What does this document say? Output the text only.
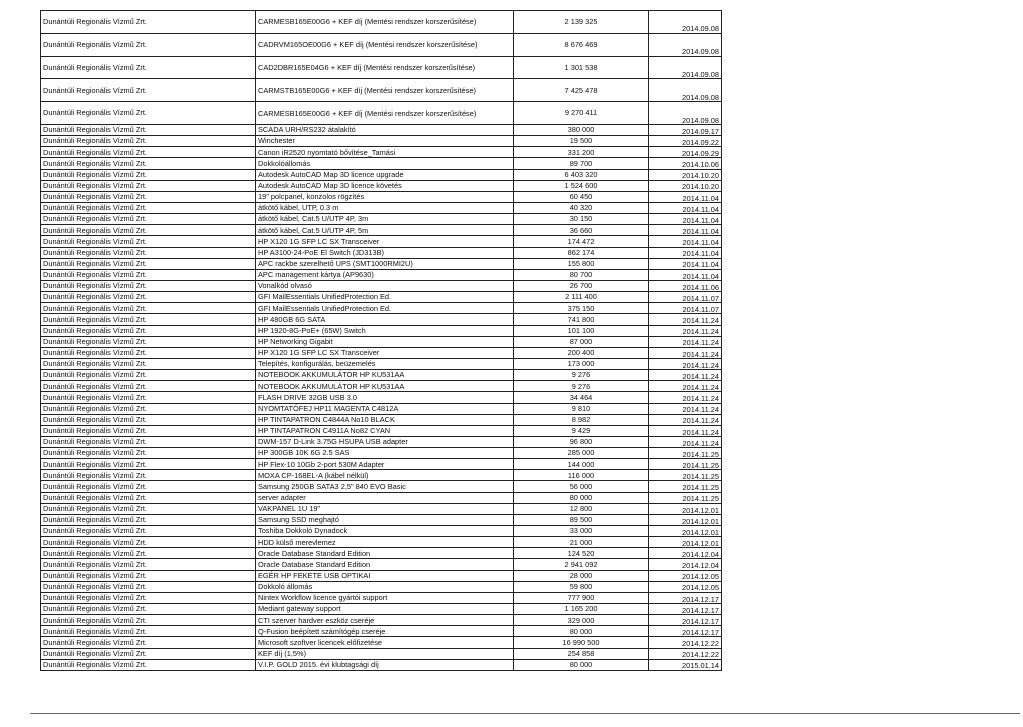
Dunántúli Regionális Vízmű Zrt.	CARMESB165E00G6 + KEF díj (Mentési rendszer korszerűsítése)	2 139 325	2014.09.08
Dunántúli Regionális Vízmű Zrt.	CADRVM165OE00G6 + KEF díj (Mentési rendszer korszerűsítése)	8 676 469	2014.09.08
Dunántúli Regionális Vízmű Zrt.	CAD2DBR165E04G6 + KEF díj (Mentési rendszer korszerűsítése)	1 301 538	2014.09.08
Dunántúli Regionális Vízmű Zrt.	CARMSTB165E00G6 + KEF díj (Mentési rendszer korszerűsítése)	7 425 478	2014.09.08
Dunántúli Regionális Vízmű Zrt.	CARMESB165E00G6 + KEF díj (Mentési rendszer korszerűsítése)	9 270 411	2014.09.08
Dunántúli Regionális Vízmű Zrt.	SCADA URH/RS232 átalakító	380 000	2014.09.17
Dunántúli Regionális Vízmű Zrt.	Winchester	19 500	2014.09.22
Dunántúli Regionális Vízmű Zrt.	Canon iR2520 nyomtató bővítése_Tamási	331 200	2014.09.29
Dunántúli Regionális Vízmű Zrt.	Dokkolóállomás	89 700	2014.10.06
Dunántúli Regionális Vízmű Zrt.	Autodesk AutoCAD Map 3D licence upgrade	6 403 320	2014.10.20
Dunántúli Regionális Vízmű Zrt.	Autodesk AutoCAD Map 3D licence követés	1 524 600	2014.10.20
Dunántúli Regionális Vízmű Zrt.	19" polcpanel, konzolos rögzítés	60 450	2014.11.04
Dunántúli Regionális Vízmű Zrt.	átkötő kábel, UTP, 0.3 m	40 320	2014.11.04
Dunántúli Regionális Vízmű Zrt.	átkötő kábel, Cat.5 U/UTP 4P, 3m	30 150	2014.11.04
Dunántúli Regionális Vízmű Zrt.	átkötő kábel, Cat.5 U/UTP 4P, 5m	36 660	2014.11.04
Dunántúli Regionális Vízmű Zrt.	HP X120 1G SFP LC SX Transceiver	174 472	2014.11.04
Dunántúli Regionális Vízmű Zrt.	HP A3100-24-PoE El Switch (JD313B)	862 174	2014.11.04
Dunántúli Regionális Vízmű Zrt.	APC rackbe szerelhető UPS (SMT1000RMI2U)	155 800	2014.11.04
Dunántúli Regionális Vízmű Zrt.	APC management kártya (AP9630)	80 700	2014.11.04
Dunántúli Regionális Vízmű Zrt.	Vonalkód olvasó	26 700	2014.11.06
Dunántúli Regionális Vízmű Zrt.	GFI MailEssentials UnifiedProtection Ed.	2 111 400	2014.11.07
Dunántúli Regionális Vízmű Zrt.	GFI MailEssentials UnifiedProtection Ed.	375 150	2014.11.07
Dunántúli Regionális Vízmű Zrt.	HP 480GB 6G SATA	741 800	2014.11.24
Dunántúli Regionális Vízmű Zrt.	HP 1920-8G-PoE+ (65W) Switch	101 100	2014.11.24
Dunántúli Regionális Vízmű Zrt.	HP Networking Gigabit	87 000	2014.11.24
Dunántúli Regionális Vízmű Zrt.	HP X120 1G SFP LC SX Transceiver	200 400	2014.11.24
Dunántúli Regionális Vízmű Zrt.	Telepítés, konfigurálás, beüzemelés	173 000	2014.11.24
Dunántúli Regionális Vízmű Zrt.	NOTEBOOK AKKUMULÁTOR HP KU531AA	9 276	2014.11.24
Dunántúli Regionális Vízmű Zrt.	NOTEBOOK AKKUMULÁTOR HP KU531AA	9 276	2014.11.24
Dunántúli Regionális Vízmű Zrt.	FLASH DRIVE 32GB USB 3.0	34 464	2014.11.24
Dunántúli Regionális Vízmű Zrt.	NYOMTATÓFEJ HP11 MAGENTA C4812A	9 810	2014.11.24
Dunántúli Regionális Vízmű Zrt.	HP TINTAPATRON C4844A No10 BLACK	8 982	2014.11.24
Dunántúli Regionális Vízmű Zrt.	HP TINTAPATRON C4911A No82 CYAN	9 429	2014.11.24
Dunántúli Regionális Vízmű Zrt.	DWM-157 D-Link 3.75G HSUPA USB adapter	96 800	2014.11.24
Dunántúli Regionális Vízmű Zrt.	HP 300GB 10K 6G 2.5 SAS	285 000	2014.11.25
Dunántúli Regionális Vízmű Zrt.	HP Flex-10 10Gb 2-port 530M Adapter	144 000	2014.11.25
Dunántúli Regionális Vízmű Zrt.	MOXA CP-168EL-A (kábel nélkül)	116 000	2014.11.25
Dunántúli Regionális Vízmű Zrt.	Samsung 250GB SATA3 2,5" 840 EVO Basic	56 000	2014.11.25
Dunántúli Regionális Vízmű Zrt.	server adapter	80 000	2014.11.25
Dunántúli Regionális Vízmű Zrt.	VAKPANEL 1U 19"	12 800	2014.12.01
Dunántúli Regionális Vízmű Zrt.	Samsung SSD meghajtó	89 500	2014.12.01
Dunántúli Regionális Vízmű Zrt.	Toshiba Dokkoló Dynadock	33 000	2014.12.01
Dunántúli Regionális Vízmű Zrt.	HDD külső merevlemez	21 000	2014.12.01
Dunántúli Regionális Vízmű Zrt.	Oracle Database Standard Edition	124 520	2014.12.04
Dunántúli Regionális Vízmű Zrt.	Oracle Database Standard Edition	2 941 092	2014.12.04
Dunántúli Regionális Vízmű Zrt.	EGÉR HP FEKETE USB OPTIKAI	28 000	2014.12.05
Dunántúli Regionális Vízmű Zrt.	Dokkoló állomás	59 800	2014.12.05
Dunántúli Regionális Vízmű Zrt.	Nintex Workflow licence gyártói support	777 900	2014.12.17
Dunántúli Regionális Vízmű Zrt.	Mediant gateway support	1 165 200	2014.12.17
Dunántúli Regionális Vízmű Zrt.	CTI szerver hardver eszköz cseréje	329 000	2014.12.17
Dunántúli Regionális Vízmű Zrt.	Q-Fusion beépített számítógép cseréje	80 000	2014.12.17
Dunántúli Regionális Vízmű Zrt.	Microsoft szoftver licencek előfizetése	16 990 500	2014.12.22
Dunántúli Regionális Vízmű Zrt.	KEF díj (1,5%)	254 858	2014.12.22
Dunántúli Regionális Vízmű Zrt.	V.I.P. GOLD 2015. évi klubtagsági díj	80 000	2015.01.14
